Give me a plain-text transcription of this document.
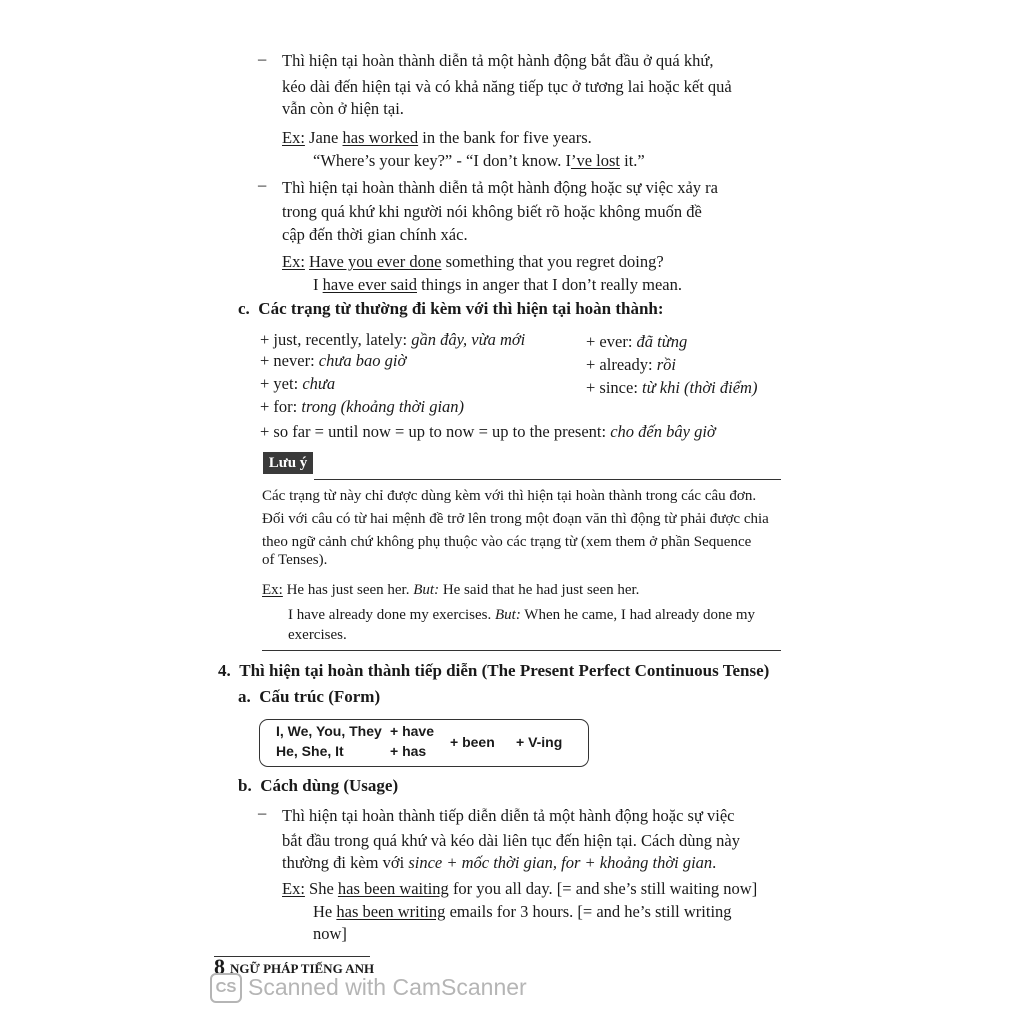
– Thì hiện tại hoàn thành diễn tả một hành động bắt đầu ở quá khứ,
kéo dài đến hiện tại và có khả năng tiếp tục ở tương lai hoặc kết quả
vẫn còn ở hiện tại.
Ex: Jane has worked in the bank for five years.
“Where’s your key?” - “I don’t know. I’ve lost it.”
– Thì hiện tại hoàn thành diễn tả một hành động hoặc sự việc xảy ra
trong quá khứ khi người nói không biết rõ hoặc không muốn đề
cập đến thời gian chính xác.
Ex: Have you ever done something that you regret doing?
I have ever said things in anger that I don’t really mean.
c. Các trạng từ thường đi kèm với thì hiện tại hoàn thành:
+ just, recently, lately: gần đây, vừa mới
+ never: chưa bao giờ
+ yet: chưa
+ for: trong (khoảng thời gian)
+ ever: đã từng
+ already: rồi
+ since: từ khi (thời điểm)
+ so far = until now = up to now = up to the present: cho đến bây giờ
Lưu ý
Các trạng từ này chỉ được dùng kèm với thì hiện tại hoàn thành trong các câu đơn.
Đối với câu có từ hai mệnh đề trở lên trong một đoạn văn thì động từ phải được chia
theo ngữ cảnh chứ không phụ thuộc vào các trạng từ (xem them ở phần Sequence
of Tenses).
Ex: He has just seen her. But: He said that he had just seen her.
I have already done my exercises. But: When he came, I had already done my
exercises.
4. Thì hiện tại hoàn thành tiếp diễn (The Present Perfect Continuous Tense)
a. Cấu trúc (Form)
I, We, You, They
He, She, It
+ have
+ has
+ been + V-ing
b. Cách dùng (Usage)
– Thì hiện tại hoàn thành tiếp diễn diễn tả một hành động hoặc sự việc
bắt đầu trong quá khứ và kéo dài liên tục đến hiện tại. Cách dùng này
thường đi kèm với since + mốc thời gian, for + khoảng thời gian.
Ex: She has been waiting for you all day. [= and she’s still waiting now]
He has been writing emails for 3 hours. [= and he’s still writing
now]
8 NGỮ PHÁP TIẾNG ANH
CS Scanned with CamScanner
